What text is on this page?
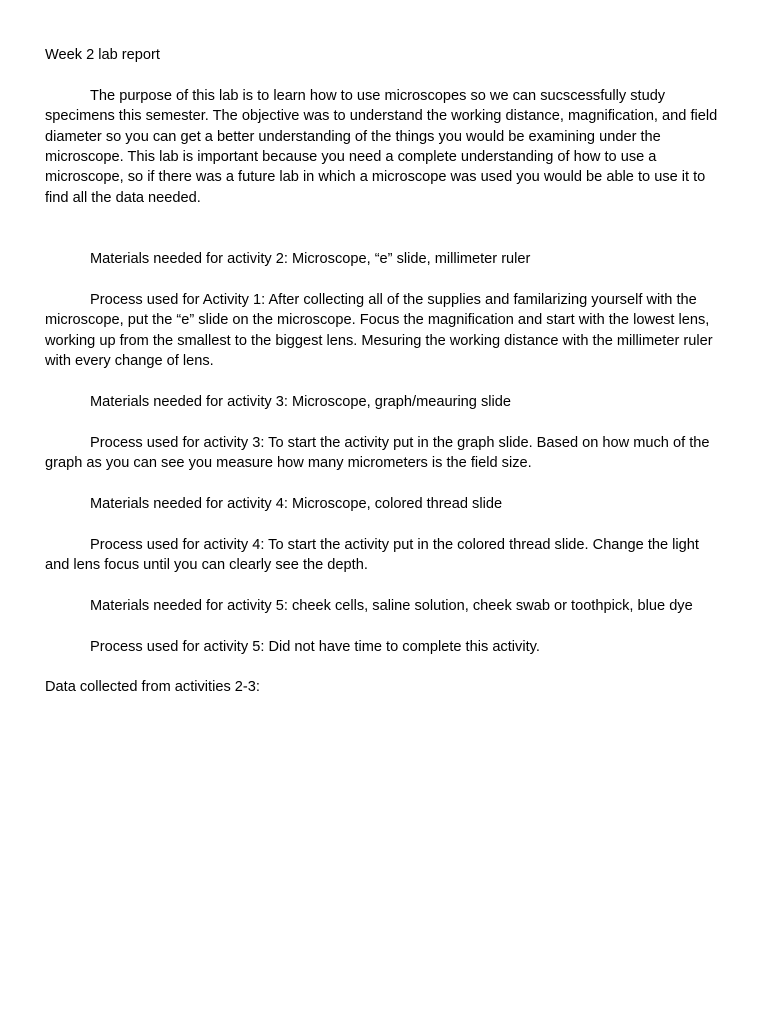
Week 2 lab report

The purpose of this lab is to learn how to use microscopes so we can sucscessfully study specimens this semester. The objective was to understand the working distance, magnification, and field diameter so you can get a better understanding of the things you would be examining under the microscope. This lab is important because you need a complete understanding of how to use a microscope, so if there was a future lab in which a microscope was used you would be able to use it to find all the data needed.

Materials needed for activity 2: Microscope, “e” slide, millimeter ruler

Process used for Activity 1: After collecting all of the supplies and familarizing yourself with the microscope, put the “e” slide on the microscope. Focus the magnification and start with the lowest lens, working up from the smallest to the biggest lens. Mesuring the working distance with the millimeter ruler with every change of lens.

Materials needed for activity 3: Microscope, graph/meauring slide

Process used for activity 3: To start the activity put in the graph slide. Based on how much of the graph as you can see you measure how many micrometers is the field size.

Materials needed for activity 4: Microscope, colored thread slide

Process used for activity 4: To start the activity put in the colored thread slide. Change the light and lens focus until you can clearly see the depth.

Materials needed for activity 5: cheek cells, saline solution, cheek swab or toothpick, blue dye

Process used for activity 5: Did not have time to complete this activity.

Data collected from activities 2-3:
